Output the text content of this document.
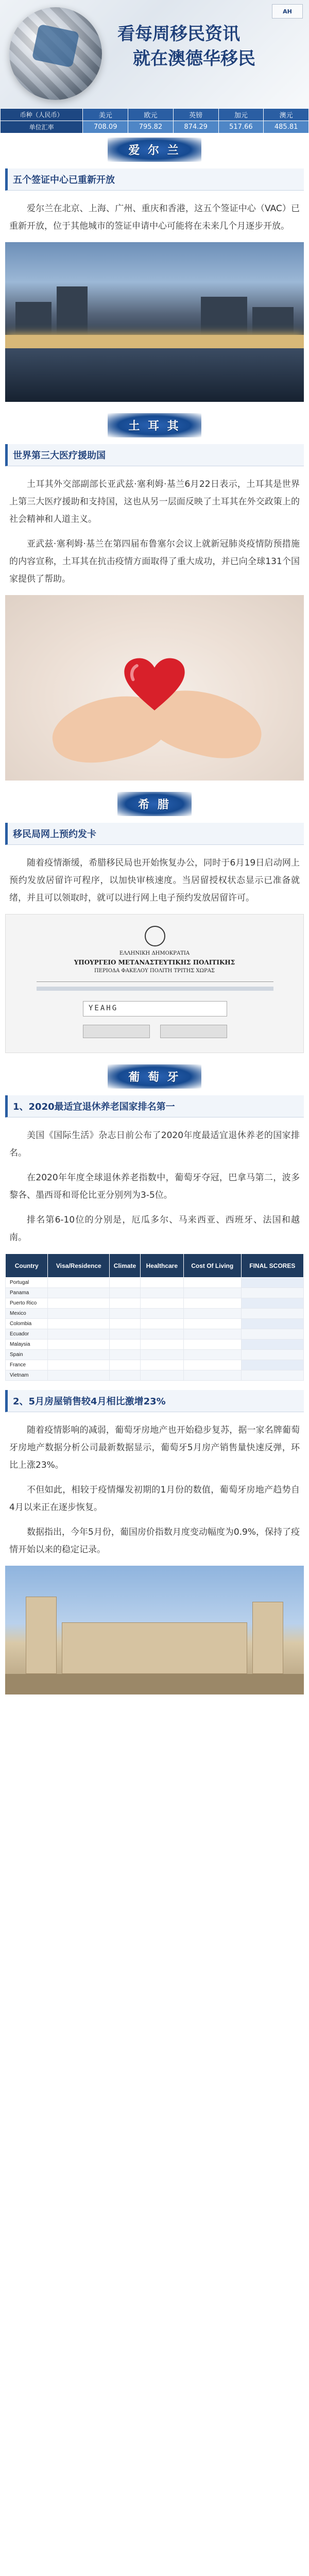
AH
看每周移民资讯
就在澳德华移民
币种（人民币）	美元	欧元	英镑	加元	澳元
单位汇率	708.09	795.82	874.29	517.66	485.81
爱 尔 兰
五个签证中心已重新开放

爱尔兰在北京、上海、广州、重庆和香港，这五个签证中心（VAC）已重新开放，位于其他城市的签证申请中心可能将在未来几个月逐步开放。

土 耳 其
世界第三大医疗援助国

土耳其外交部副部长亚武兹·塞利姆·基兰6月22日表示，土耳其是世界上第三大医疗援助和支持国，这也从另一层面反映了土耳其在外交政策上的社会精神和人道主义。

亚武兹·塞利姆·基兰在第四届布鲁塞尔会议上就新冠肺炎疫情防预措施的内容宣称，土耳其在抗击疫情方面取得了重大成功，并已向全球131个国家提供了帮助。

希 腊
移民局网上预约发卡

随着疫情渐缓，希腊移民局也开始恢复办公，同时于6月19日启动网上预约发放居留许可程序，以加快审核速度。当居留授权状态显示已准备就绪，并且可以领取时，就可以进行网上电子预约发放居留许可。

ΕΛΛΗΝΙΚΗ ΔΗΜΟΚΡΑΤΙΑ
ΥΠΟΥΡΓΕΙΟ ΜΕΤΑΝΑΣΤΕΥΤΙΚΗΣ ΠΟΛΙΤΙΚΗΣ
ΠΕΡΙΟΔΑ ΦΑΚΕΛΟΥ ΠΟΛΙΤΗ ΤΡΙΤΗΣ ΧΩΡΑΣ
YEAHG
葡 萄 牙
1、2020最适宜退休养老国家排名第一

美国《国际生活》杂志日前公布了2020年度最适宜退休养老的国家排名。

在2020年年度全球退休养老指数中，葡萄牙夺冠，巴拿马第二，波多黎各、墨西哥和哥伦比亚分别列为3-5位。

排名第6-10位的分别是，厄瓜多尔、马来西亚、西班牙、法国和越南。

Country	Visa/Residence	Climate	Healthcare	Cost Of Living	FINAL SCORES
Portugal					
Panama					
Puerto Rico					
Mexico					
Colombia					
Ecuador					
Malaysia					
Spain					
France					
Vietnam					
2、5月房屋销售较4月相比激增23%

随着疫情影响的减弱，葡萄牙房地产也开始稳步复苏，据一家名牌葡萄牙房地产数据分析公司最新数据显示，葡萄牙5月房产销售量快速反弹，环比上涨23%。

不但如此，相较于疫情爆发初期的1月份的数值，葡萄牙房地产趋势自4月以来正在逐步恢复。

数据指出，今年5月份，葡国房价指数月度变动幅度为0.9%，保持了疫情开始以来的稳定记录。
